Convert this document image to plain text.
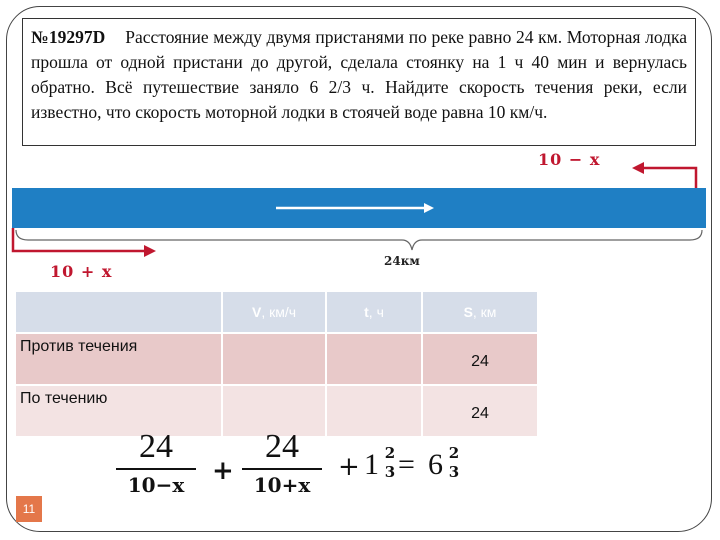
№19297D Расстояние между двумя пристанями по реке равно 24 км. Моторная лодка прошла от одной пристани до другой, сделала стоянку на 1 ч 40 мин и вернулась обратно. Всё путешествие заняло 6 2/3 ч. Найдите скорость течения реки, если известно, что скорость моторной лодки в стоячей воде равна 10 км/ч.
10 − x
10 + x
24км
	V, км/ч	t, ч	S, км
Против течения			24
По течению			24
24
10−x	+
24
10+x
+ 1 2
3 = 6 2
3
11
